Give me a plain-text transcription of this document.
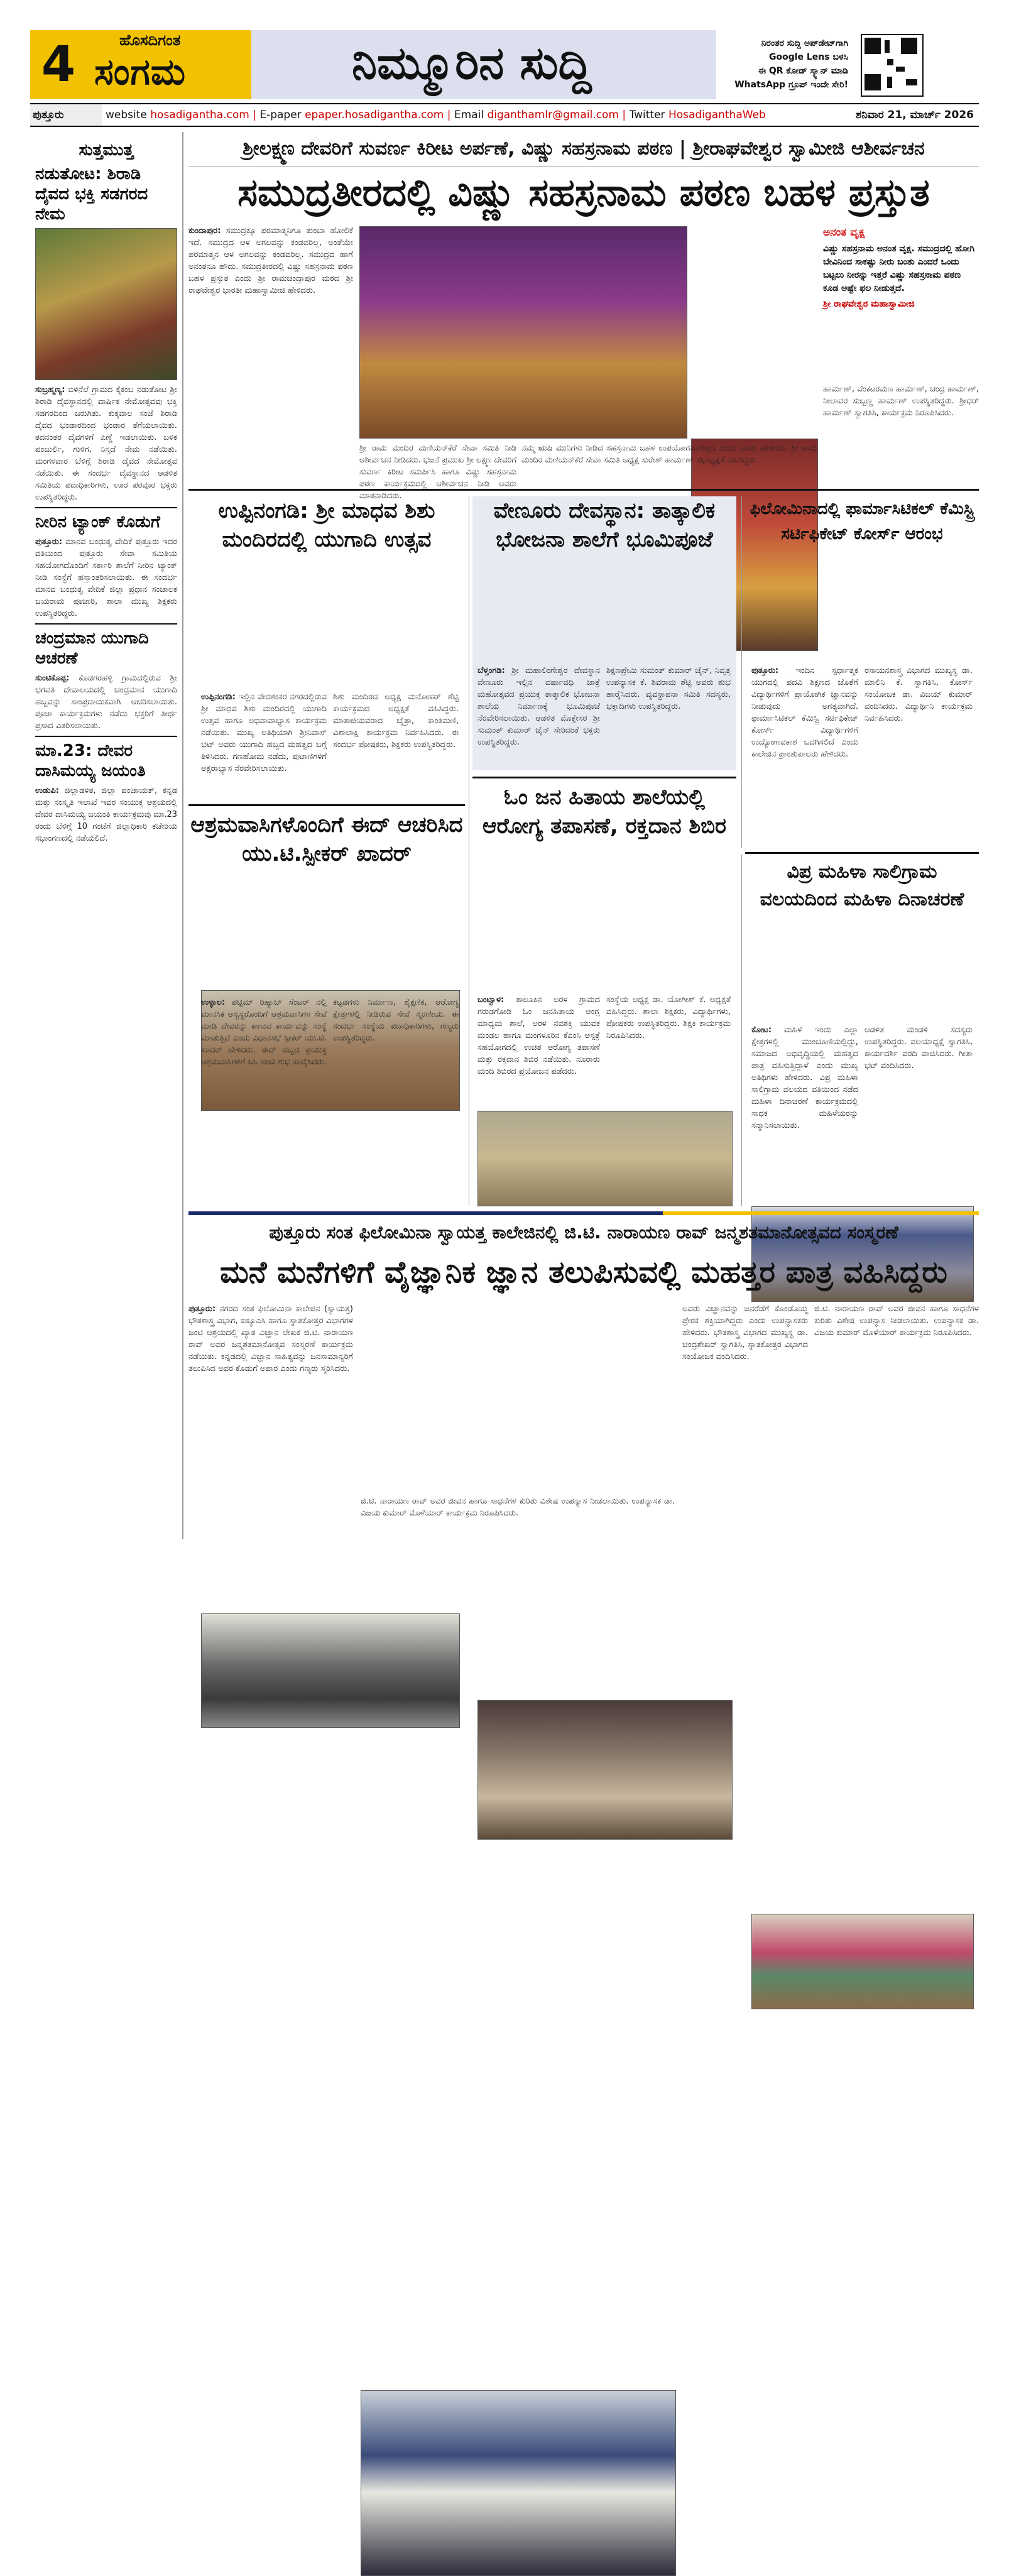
4	ಹೊಸದಿಗಂತ
ಸಂಗಮ	ನಿಮ್ಮೂರಿನ ಸುದ್ದಿ	ನಿರಂತರ ಸುದ್ದಿ ಅಪ್‌ಡೇಟ್‌ಗಾಗಿ
Google Lens ಬಳಸಿ
ಈ QR ಕೋಡ್ ಸ್ಕ್ಯಾನ್ ಮಾಡಿ
WhatsApp ಗ್ರೂಪ್ ಇಂದೇ ಸೇರಿ!
ಪುತ್ತೂರು	website hosadigantha.com | E-paper epaper.hosadigantha.com | Email diganthamlr@gmail.com | Twitter HosadiganthaWeb	ಶನಿವಾರ 21, ಮಾರ್ಚ್ 2026
ಸುತ್ತಮುತ್ತ
ನಡುತೋಟ: ಶಿರಾಡಿ ದೈವದ ಭಕ್ತಿ ಸಡಗರದ ನೇಮ
ಸುಬ್ರಹ್ಮಣ್ಯ: ಬಿಳಿನೆಲೆ ಗ್ರಾಮದ ಕೈಕಂಬ ನಡುತೋಟ ಶ್ರೀ ಶಿರಾಡಿ ದೈವಸ್ಥಾನದಲ್ಲಿ ವಾರ್ಷಿಕ ನೇಮೋತ್ಸವವು ಭಕ್ತಿ ಸಡಗರದಿಂದ ಜರುಗಿತು. ಕುಕ್ಕವಾಲ ಸಂಜೆ ಶಿರಾಡಿ ದೈವದ ಭಂಡಾರದಿಂದ ಭಂಡಾರ ತೆಗೆಯಲಾಯಿತು. ತದನಂತರ ದೈವಗಳಿಗೆ ಎಣ್ಣೆ ಇಡಲಾಯಿತು. ಬಳಿಕ ಪಂಜುರ್ಲಿ, ಗುಳಿಗ, ನಿಸ್ತದೆ ನೇಮ ನಡೆಯಿತು. ಮಂಗಳವಾರ ಬೆಳಿಗ್ಗೆ ಶಿರಾಡಿ ದೈವದ ನೇಮೋತ್ಸವ ನಡೆಯಿತು. ಈ ಸಂದರ್ಭ ದೈವಸ್ಥಾನದ ಆಡಳಿತ ಸಮಿತಿಯ ಪದಾಧಿಕಾರಿಗಳು, ಊರ ಪರವೂರ ಭಕ್ತರು ಉಪಸ್ಥಿತರಿದ್ದರು.
ನೀರಿನ ಟ್ಯಾಂಕ್ ಕೊಡುಗೆ
ಪುತ್ತೂರು: ಮಾನವ ಬಂಧುತ್ವ ವೇದಿಕೆ ಪುತ್ತೂರು ಇದರ ವತಿಯಿಂದ ಪುತ್ತೂರು ಸೇವಾ ಸಮಿತಿಯ ಸಹಯೋಗದೊಂದಿಗೆ ಸರ್ಕಾರಿ ಶಾಲೆಗೆ ನೀರಿನ ಟ್ಯಾಂಕ್ ನೀಡಿ ಸಂಸ್ಥೆಗೆ ಹಸ್ತಾಂತರಿಸಲಾಯಿತು. ಈ ಸಂದರ್ಭ ಮಾನವ ಬಂಧುತ್ವ ವೇದಿಕೆ ಜಿಲ್ಲಾ ಪ್ರಧಾನ ಸಂಚಾಲಕ ಜಯರಾಮ ಪೂಜಾರಿ, ಶಾಲಾ ಮುಖ್ಯ ಶಿಕ್ಷಕರು ಉಪಸ್ಥಿತರಿದ್ದರು.
ಚಂದ್ರಮಾನ ಯುಗಾದಿ ಆಚರಣೆ
ಸುಂಟಿಕೊಪ್ಪ: ಕೊಡಗರಹಳ್ಳಿ ಗ್ರಾಮದಲ್ಲಿರುವ ಶ್ರೀ ಭಗವತಿ ದೇವಾಲಯದಲ್ಲಿ ಚಂದ್ರಮಾನ ಯುಗಾದಿ ಹಬ್ಬವನ್ನು ಸಾಂಪ್ರದಾಯಿಕವಾಗಿ ಆಚರಿಸಲಾಯಿತು. ಪೂಜಾ ಕಾರ್ಯಕ್ರಮಗಳು ನಡೆದು ಭಕ್ತರಿಗೆ ತೀರ್ಥ ಪ್ರಸಾದ ವಿತರಿಸಲಾಯಿತು.
ಮಾ.23: ದೇವರ ದಾಸಿಮಯ್ಯ ಜಯಂತಿ
ಉಡುಪಿ: ಜಿಲ್ಲಾಡಳಿತ, ಜಿಲ್ಲಾ ಪಂಚಾಯತ್, ಕನ್ನಡ ಮತ್ತು ಸಂಸ್ಕೃತಿ ಇಲಾಖೆ ಇವರ ಸಂಯುಕ್ತ ಆಶ್ರಯದಲ್ಲಿ ದೇವರ ದಾಸಿಮಯ್ಯ ಜಯಂತಿ ಕಾರ್ಯಕ್ರಮವು ಮಾ.23 ರಂದು ಬೆಳಿಗ್ಗೆ 10 ಗಂಟೆಗೆ ಜಿಲ್ಲಾಧಿಕಾರಿ ಕಚೇರಿಯ ಸಭಾಂಗಣದಲ್ಲಿ ನಡೆಯಲಿದೆ.
ಶ್ರೀಲಕ್ಷ್ಮಣ ದೇವರಿಗೆ ಸುವರ್ಣ ಕಿರೀಟ ಅರ್ಪಣೆ, ವಿಷ್ಣು ಸಹಸ್ರನಾಮ ಪಠಣ | ಶ್ರೀರಾಘವೇಶ್ವರ ಸ್ವಾಮೀಜಿ ಆಶೀರ್ವಚನ
ಸಮುದ್ರತೀರದಲ್ಲಿ ವಿಷ್ಣು ಸಹಸ್ರನಾಮ ಪಠಣ ಬಹಳ ಪ್ರಸ್ತುತ
ಕುಂದಾಪುರ: ಸಮುದ್ರಕ್ಕೂ ಪರಮಾತ್ಮನಿಗೂ ತುಂಬಾ ಹೋಲಿಕೆ ಇದೆ. ಸಮುದ್ರದ ಆಳ ಅಗಲವನ್ನು ಕಂಡವರಿಲ್ಲ, ಅಂತೆಯೇ ಪರಮಾತ್ಮನ ಆಳ ಅಗಲವನ್ನು ಕಂಡವರಿಲ್ಲ. ಸಮುದ್ರದ ಹಾಗೆ ಅನಂತನೂ ಹೌದು. ಸಮುದ್ರತೀರದಲ್ಲಿ ವಿಷ್ಣು ಸಹಸ್ರನಾಮ ಪಠಣ ಬಹಳ ಪ್ರಸ್ತುತ ಎಂದು ಶ್ರೀ ರಾಮಚಂದ್ರಾಪುರ ಮಠದ ಶ್ರೀ ರಾಘವೇಶ್ವರ ಭಾರತೀ ಮಹಾಸ್ವಾಮೀಜಿ ಹೇಳಿದರು.
ಅನಂತ ವೃಕ್ಷ
ವಿಷ್ಣು ಸಹಸ್ರನಾಮ ಅನಂತ ವೃಕ್ಷ. ಸಮುದ್ರದಲ್ಲಿ ಹೋಗಿ ಬೇವಿನಿಂದ ಸಾಕಷ್ಟು ನೀರು ಬಂತು ಎಂದರೆ ಒಂದು ಬಟ್ಟಲು ನೀರನ್ನು ಇತ್ತರೆ ವಿಷ್ಣು ಸಹಸ್ರನಾಮ ಪಠಣ ಕೂಡ ಅಷ್ಟೇ ಫಲ ನೀಡುತ್ತದೆ.
ಶ್ರೀ ರಾಘವೇಶ್ವರ ಮಹಾಸ್ವಾಮೀಜಿ
ಶ್ರೀ ರಾಮ ಮಂದಿರ ಮಣಿಯನ್‌ಕೆರೆ ಸೇವಾ ಸಮಿತಿ ನೀಡಿ ಆಶೀರ್ವಚನ ನೀಡಿದರು. ಭಜನೆ ಪ್ರಮುಖ ಶ್ರೀ ಲಕ್ಷ್ಮಣ ದೇವರಿಗೆ ಸುವರ್ಣ ಕಿರೀಟ ಸಮರ್ಪಿಸಿ ಹಾಗೂ ವಿಷ್ಣು ಸಹಸ್ರನಾಮ ಪಠಣ ಕಾರ್ಯಕ್ರಮದಲ್ಲಿ ಆಶೀರ್ವಚನ ನೀಡಿ ಅವರು ಮಾತನಾಡಿದರು.
ನಮ್ಮ ಋಷಿ ಮುನಿಗಳು ನೀಡಿದ ಸಹಸ್ರನಾಮ ಬಹಳ ಉಪಯೋಗವಾಗುತ್ತದೆ ಎಂದು ಅವರು ಹೇಳಿದರು. ಶ್ರೀ ರಾಮ ಮಂದಿರ ಮಣಿಯನ್‌ಕೆರೆ ಸೇವಾ ಸಮಿತಿ ಅಧ್ಯಕ್ಷ ಸುರೇಶ್ ಹಾರ್ಮಣ್ ಸಭಾಧ್ಯಕ್ಷತೆ ವಹಿಸಿದ್ದರು.
ಹಾರ್ಮಣ್, ವೆಂಕಟರಮಣ ಹಾರ್ಮಣ್, ಚಂದ್ರ ಹಾರ್ಮಣ್, ನೀಲಾವರ ಸುಬ್ಬಣ್ಣ ಹಾರ್ಮಣ್ ಉಪಸ್ಥಿತರಿದ್ದರು. ಶ್ರೀಧರ್ ಹಾರ್ಮಣ್ ಸ್ವಾಗತಿಸಿ, ಕಾರ್ಯಕ್ರಮ ನಿರೂಪಿಸಿದರು.
ಉಪ್ಪಿನಂಗಡಿ: ಶ್ರೀ ಮಾಧವ ಶಿಶು ಮಂದಿರದಲ್ಲಿ ಯುಗಾದಿ ಉತ್ಸವ
ಉಪ್ಪಿನಂಗಡಿ: ಇಲ್ಲಿನ ವೇದಶಂಕರ ನಗರದಲ್ಲಿರುವ ಶ್ರೀ ಮಾಧವ ಶಿಶು ಮಂದಿರದಲ್ಲಿ ಯುಗಾದಿ ಉತ್ಸವ ಹಾಗೂ ಅಭಿವಾವಾಭ್ಯಾಸ ಕಾರ್ಯಕ್ರಮ ನಡೆಯಿತು. ಮುಖ್ಯ ಅತಿಥಿಯಾಗಿ ಶ್ರೀನಿವಾಸ್ ಭಟ್ ಅವರು ಯುಗಾದಿ ಹಬ್ಬದ ಮಹತ್ವದ ಬಗ್ಗೆ ತಿಳಿಸಿದರು. ಗಣಹೋಮ ನಡೆದು, ಪುಟಾಣಿಗಳಿಗೆ ಅಕ್ಷರಾಭ್ಯಾಸ ನೆರವೇರಿಸಲಾಯಿತು.
ಶಿಶು ಮಂದಿರದ ಅಧ್ಯಕ್ಷ ಮನೋಹರ್ ಶೆಟ್ಟಿ ಕಾರ್ಯಕ್ರಮದ ಅಧ್ಯಕ್ಷತೆ ವಹಿಸಿದ್ದರು. ಮಾತಾಜಿಯವರಾದ ಚೈತ್ರಾ, ಕಾಂತಿಮಣಿ, ವಿಶಾಲಾಕ್ಷಿ ಕಾರ್ಯಕ್ರಮ ನಿರ್ವಹಿಸಿದರು. ಈ ಸಂದರ್ಭ ಪೋಷಕರು, ಶಿಕ್ಷಕರು ಉಪಸ್ಥಿತರಿದ್ದರು.
ವೇಣೂರು ದೇವಸ್ಥಾನ: ತಾತ್ಕಾಲಿಕ ಭೋಜನಾ ಶಾಲೆಗೆ ಭೂಮಿಪೂಜೆ
ಬೆಳ್ತಂಗಡಿ: ಶ್ರೀ ಮಹಾಲಿಂಗೇಶ್ವರ ದೇವಸ್ಥಾನ ವೇಣೂರು ಇಲ್ಲಿನ ವರ್ಷಾವಧಿ ಜಾತ್ರೆ ಮಹೋತ್ಸವದ ಪ್ರಯುಕ್ತ ತಾತ್ಕಾಲಿಕ ಭೋಜನಾ ಶಾಲೆಯ ನಿರ್ಮಾಣಕ್ಕೆ ಭೂಮಿಪೂಜೆ ನೆರವೇರಿಸಲಾಯಿತು. ಆಡಳಿತ ಮೊಕ್ತೇಸರ ಶ್ರೀ ಸುಮಂತ್ ಕುಮಾರ್ ಜೈನ್ ಸೇರಿದಂತೆ ಭಕ್ತರು ಉಪಸ್ಥಿತರಿದ್ದರು.
ಶಿಕ್ಷಣಪ್ರೇಮಿ ಸುಮಂತ್ ಕುಮಾರ್ ಜೈನ್, ನಿವೃತ್ತ ಉಪನ್ಯಾಸಕ ಕೆ. ಶಿವರಾಮ ಶೆಟ್ಟಿ ಅವರು ಶುಭ ಹಾರೈಸಿದರು. ವ್ಯವಸ್ಥಾಪನಾ ಸಮಿತಿ ಸದಸ್ಯರು, ಭಕ್ತಾದಿಗಳು ಉಪಸ್ಥಿತರಿದ್ದರು.
ಫಿಲೋಮಿನಾದಲ್ಲಿ ಫಾರ್ಮಾಸಿಟಿಕಲ್ ಕೆಮಿಸ್ಟ್ರಿ ಸರ್ಟಿಫಿಕೇಟ್ ಕೋರ್ಸ್ ಆರಂಭ
ಪುತ್ತೂರು: ಇಂದಿನ ಸ್ಪರ್ಧಾತ್ಮಕ ಯುಗದಲ್ಲಿ ಪದವಿ ಶಿಕ್ಷಣದ ಜೊತೆಗೆ ವಿದ್ಯಾರ್ಥಿಗಳಿಗೆ ಪ್ರಾಯೋಗಿಕ ಜ್ಞಾನವನ್ನು ನೀಡುವುದು ಅಗತ್ಯವಾಗಿದೆ. ಫಾರ್ಮಾಸಿಟಿಕಲ್ ಕೆಮಿಸ್ಟ್ರಿ ಸರ್ಟಿಫಿಕೇಟ್ ಕೋರ್ಸ್ ವಿದ್ಯಾರ್ಥಿಗಳಿಗೆ ಉದ್ಯೋಗಾವಕಾಶ ಒದಗಿಸಲಿದೆ ಎಂದು ಕಾಲೇಜಿನ ಪ್ರಾಂಶುಪಾಲರು ಹೇಳಿದರು.
ರಸಾಯನಶಾಸ್ತ್ರ ವಿಭಾಗದ ಮುಖ್ಯಸ್ಥ ಡಾ. ಮಾಲಿನಿ ಕೆ. ಸ್ವಾಗತಿಸಿ, ಕೋರ್ಸ್ ಸಂಯೋಜಕ ಡಾ. ವಿಜಯ್ ಕುಮಾರ್ ವಂದಿಸಿದರು. ವಿದ್ಯಾರ್ಥಿನಿ ಕಾರ್ಯಕ್ರಮ ನಿರ್ವಹಿಸಿದರು.
ಆಶ್ರಮವಾಸಿಗಳೊಂದಿಗೆ ಈದ್ ಆಚರಿಸಿದ ಯು.ಟಿ.ಸ್ಪೀಕರ್ ಖಾದರ್
ಉಳ್ಳಾಲ: ಪಟ್ಟಿಮ್ ರಿಹ್ಯಾಬ್ ಸೆಂಟರ್ ನಲ್ಲಿ ಮಾನಸಿಕ ಅಸ್ವಸ್ಥರೊಂದಿಗೆ ಆಶ್ರಮವಾಸಿಗಳ ಸೇವೆ ಮಾಡಿ ದೇವರನ್ನು ಕಾಣುವ ಕಾರ್ಯವನ್ನು ಸಂಸ್ಥೆ ಮಾಡುತ್ತಿದೆ ಎಂದು ವಿಧಾನಸಭೆ ಸ್ಪೀಕರ್ ಯು.ಟಿ. ಖಾದರ್ ಹೇಳಿದರು. ಈದ್ ಹಬ್ಬದ ಪ್ರಯುಕ್ತ ಆಶ್ರಮವಾಸಿಗಳಿಗೆ ಸಿಹಿ ಹಂಚಿ ಶುಭ ಹಾರೈಸಿದರು.
ಕಟ್ಟಡಗಳು ನಿರ್ಮಾಣ, ಶೈಕ್ಷಣಿಕ, ಆರೋಗ್ಯ ಕ್ಷೇತ್ರಗಳಲ್ಲಿ ನೀಡಿರುವ ಸೇವೆ ಸ್ಮರಣೀಯ. ಈ ಸಂದರ್ಭ ಸಂಸ್ಥೆಯ ಪದಾಧಿಕಾರಿಗಳು, ಗಣ್ಯರು ಉಪಸ್ಥಿತರಿದ್ದರು.
ಓಂ ಜನ ಹಿತಾಯ ಶಾಲೆಯಲ್ಲಿ ಆರೋಗ್ಯ ತಪಾಸಣೆ, ರಕ್ತದಾನ ಶಿಬಿರ
ಬಂಟ್ವಾಳ: ತಾಲೂಕಿನ ಅರಳ ಗ್ರಾಮದ ಗರುಡಗೋಡಿ ಓಂ ಜನಹಿತಾಯ ಆಂಗ್ಲ ಮಾಧ್ಯಮ ಶಾಲೆ, ಅರಳ ನವಶಕ್ತಿ ಯುವಕ ಮಂಡಲ ಹಾಗೂ ಮಂಗಳೂರಿನ ಕೆಎಂಸಿ ಆಸ್ಪತ್ರೆ ಸಹಯೋಗದಲ್ಲಿ ಉಚಿತ ಆರೋಗ್ಯ ತಪಾಸಣೆ ಮತ್ತು ರಕ್ತದಾನ ಶಿಬಿರ ನಡೆಯಿತು. ನೂರಾರು ಮಂದಿ ಶಿಬಿರದ ಪ್ರಯೋಜನ ಪಡೆದರು.
ಸಂಸ್ಥೆಯ ಅಧ್ಯಕ್ಷ ಡಾ. ಯೋಗೀಶ್ ಕೆ. ಅಧ್ಯಕ್ಷತೆ ವಹಿಸಿದ್ದರು. ಶಾಲಾ ಶಿಕ್ಷಕರು, ವಿದ್ಯಾರ್ಥಿಗಳು, ಪೋಷಕರು ಉಪಸ್ಥಿತರಿದ್ದರು. ಶಿಕ್ಷಕಿ ಕಾರ್ಯಕ್ರಮ ನಿರೂಪಿಸಿದರು.
ವಿಪ್ರ ಮಹಿಳಾ ಸಾಲಿಗ್ರಾಮ ವಲಯದಿಂದ ಮಹಿಳಾ ದಿನಾಚರಣೆ
ಕೋಟ: ಮಹಿಳೆ ಇಂದು ಎಲ್ಲಾ ಕ್ಷೇತ್ರಗಳಲ್ಲಿ ಮುಂಚೂಣಿಯಲ್ಲಿದ್ದು, ಸಮಾಜದ ಅಭಿವೃದ್ಧಿಯಲ್ಲಿ ಮಹತ್ವದ ಪಾತ್ರ ವಹಿಸುತ್ತಿದ್ದಾಳೆ ಎಂದು ಮುಖ್ಯ ಅತಿಥಿಗಳು ಹೇಳಿದರು. ವಿಪ್ರ ಮಹಿಳಾ ಸಾಲಿಗ್ರಾಮ ವಲಯದ ವತಿಯಿಂದ ನಡೆದ ಮಹಿಳಾ ದಿನಾಚರಣೆ ಕಾರ್ಯಕ್ರಮದಲ್ಲಿ ಸಾಧಕ ಮಹಿಳೆಯರನ್ನು ಸನ್ಮಾನಿಸಲಾಯಿತು.
ಆಡಳಿತ ಮಂಡಳಿ ಸದಸ್ಯರು ಉಪಸ್ಥಿತರಿದ್ದರು. ವಲಯಾಧ್ಯಕ್ಷೆ ಸ್ವಾಗತಿಸಿ, ಕಾರ್ಯದರ್ಶಿ ವರದಿ ವಾಚಿಸಿದರು. ಗೀತಾ ಭಟ್ ವಂದಿಸಿದರು.
ಪುತ್ತೂರು ಸಂತ ಫಿಲೋಮಿನಾ ಸ್ವಾಯತ್ತ ಕಾಲೇಜಿನಲ್ಲಿ ಜಿ.ಟಿ. ನಾರಾಯಣ ರಾವ್ ಜನ್ಮಶತಮಾನೋತ್ಸವದ ಸಂಸ್ಮರಣೆ
ಮನೆ ಮನೆಗಳಿಗೆ ವೈಜ್ಞಾನಿಕ ಜ್ಞಾನ ತಲುಪಿಸುವಲ್ಲಿ ಮಹತ್ತರ ಪಾತ್ರ ವಹಿಸಿದ್ದರು
ಪುತ್ತೂರು: ನಗರದ ಸಂತ ಫಿಲೋಮಿನಾ ಕಾಲೇಜಿನ (ಸ್ವಾಯತ್ತ) ಭೌತಶಾಸ್ತ್ರ ವಿಭಾಗ, ಐಕ್ಯೂಎಸಿ ಹಾಗೂ ಸ್ನಾತಕೋತ್ತರ ವಿಭಾಗಗಳ ಜಂಟಿ ಆಶ್ರಯದಲ್ಲಿ ಖ್ಯಾತ ವಿಜ್ಞಾನ ಲೇಖಕ ಜಿ.ಟಿ. ನಾರಾಯಣ ರಾವ್ ಅವರ ಜನ್ಮಶತಮಾನೋತ್ಸವ ಸಂಸ್ಮರಣೆ ಕಾರ್ಯಕ್ರಮ ನಡೆಯಿತು. ಕನ್ನಡದಲ್ಲಿ ವಿಜ್ಞಾನ ಸಾಹಿತ್ಯವನ್ನು ಜನಸಾಮಾನ್ಯರಿಗೆ ತಲುಪಿಸಿದ ಅವರ ಕೊಡುಗೆ ಅಪಾರ ಎಂದು ಗಣ್ಯರು ಸ್ಮರಿಸಿದರು.
ಜಿ.ಟಿ. ನಾರಾಯಣ ರಾವ್ ಅವರ ಜೀವನ ಹಾಗೂ ಸಾಧನೆಗಳ ಕುರಿತು ವಿಶೇಷ ಉಪನ್ಯಾಸ ನೀಡಲಾಯಿತು. ಉಪನ್ಯಾಸಕ ಡಾ. ವಿಜಯ ಕುಮಾರ್ ಮೊಳೆಯಾರ್ ಕಾರ್ಯಕ್ರಮ ನಿರೂಪಿಸಿದರು.
ಅವರು ವಿಜ್ಞಾನವನ್ನು ಜನರೆಡೆಗೆ ಕೊಂಡೊಯ್ದ ಪ್ರೇರಕ ಶಕ್ತಿಯಾಗಿದ್ದರು ಎಂದು ಉಪನ್ಯಾಸಕರು ಹೇಳಿದರು. ಭೌತಶಾಸ್ತ್ರ ವಿಭಾಗದ ಮುಖ್ಯಸ್ಥ ಡಾ. ಚಂದ್ರಶೇಖರ್ ಸ್ವಾಗತಿಸಿ, ಸ್ನಾತಕೋತ್ತರ ವಿಭಾಗದ ಸಂಯೋಜಕ ವಂದಿಸಿದರು.
ಜಿ.ಟಿ. ನಾರಾಯಣ ರಾವ್ ಅವರ ಜೀವನ ಹಾಗೂ ಸಾಧನೆಗಳ ಕುರಿತು ವಿಶೇಷ ಉಪನ್ಯಾಸ ನೀಡಲಾಯಿತು. ಉಪನ್ಯಾಸಕ ಡಾ. ವಿಜಯ ಕುಮಾರ್ ಮೊಳೆಯಾರ್ ಕಾರ್ಯಕ್ರಮ ನಿರೂಪಿಸಿದರು.
